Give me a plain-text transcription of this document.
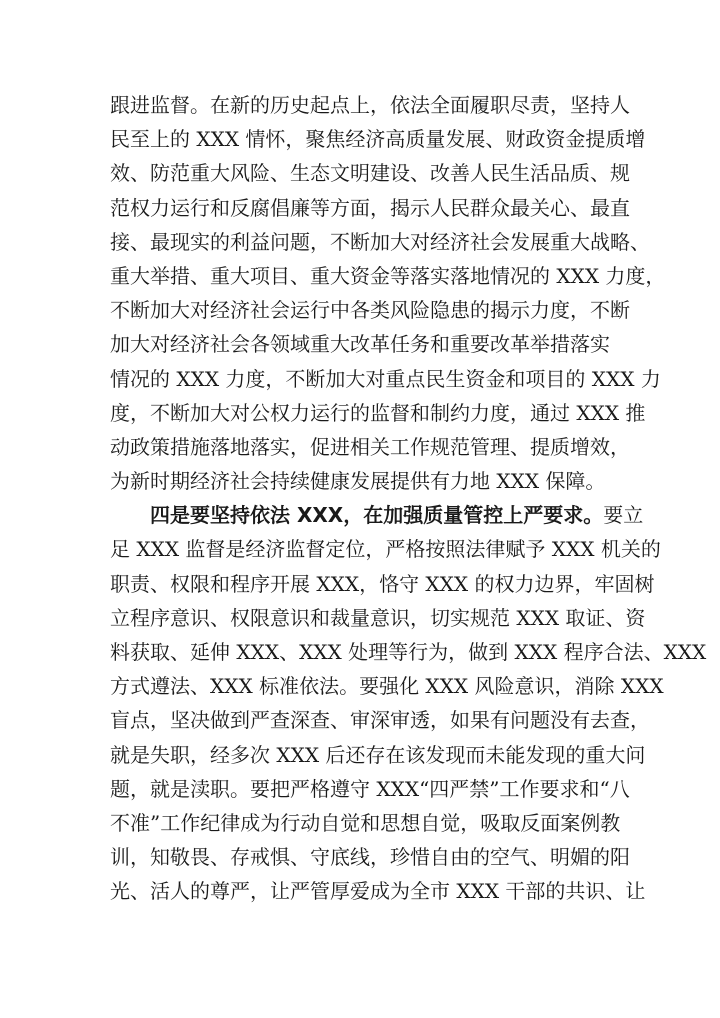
跟进监督。在新的历史起点上，依法全面履职尽责，坚持人
民至上的 XXX 情怀，聚焦经济高质量发展、财政资金提质增
效、防范重大风险、生态文明建设、改善人民生活品质、规
范权力运行和反腐倡廉等方面，揭示人民群众最关心、最直
接、最现实的利益问题，不断加大对经济社会发展重大战略、
重大举措、重大项目、重大资金等落实落地情况的 XXX 力度，
不断加大对经济社会运行中各类风险隐患的揭示力度，不断
加大对经济社会各领域重大改革任务和重要改革举措落实
情况的 XXX 力度，不断加大对重点民生资金和项目的 XXX 力
度，不断加大对公权力运行的监督和制约力度，通过 XXX 推
动政策措施落地落实，促进相关工作规范管理、提质增效，
为新时期经济社会持续健康发展提供有力地 XXX 保障。
四是要坚持依法 XXX，在加强质量管控上严要求。要立
足 XXX 监督是经济监督定位，严格按照法律赋予 XXX 机关的
职责、权限和程序开展 XXX，恪守 XXX 的权力边界，牢固树
立程序意识、权限意识和裁量意识，切实规范 XXX 取证、资
料获取、延伸 XXX、XXX 处理等行为，做到 XXX 程序合法、XXX
方式遵法、XXX 标准依法。要强化 XXX 风险意识，消除 XXX
盲点，坚决做到严查深查、审深审透，如果有问题没有去查，
就是失职，经多次 XXX 后还存在该发现而未能发现的重大问
题，就是渎职。要把严格遵守 XXX“四严禁”工作要求和“八
不准”工作纪律成为行动自觉和思想自觉，吸取反面案例教
训，知敬畏、存戒惧、守底线，珍惜自由的空气、明媚的阳
光、活人的尊严，让严管厚爱成为全市 XXX 干部的共识、让
